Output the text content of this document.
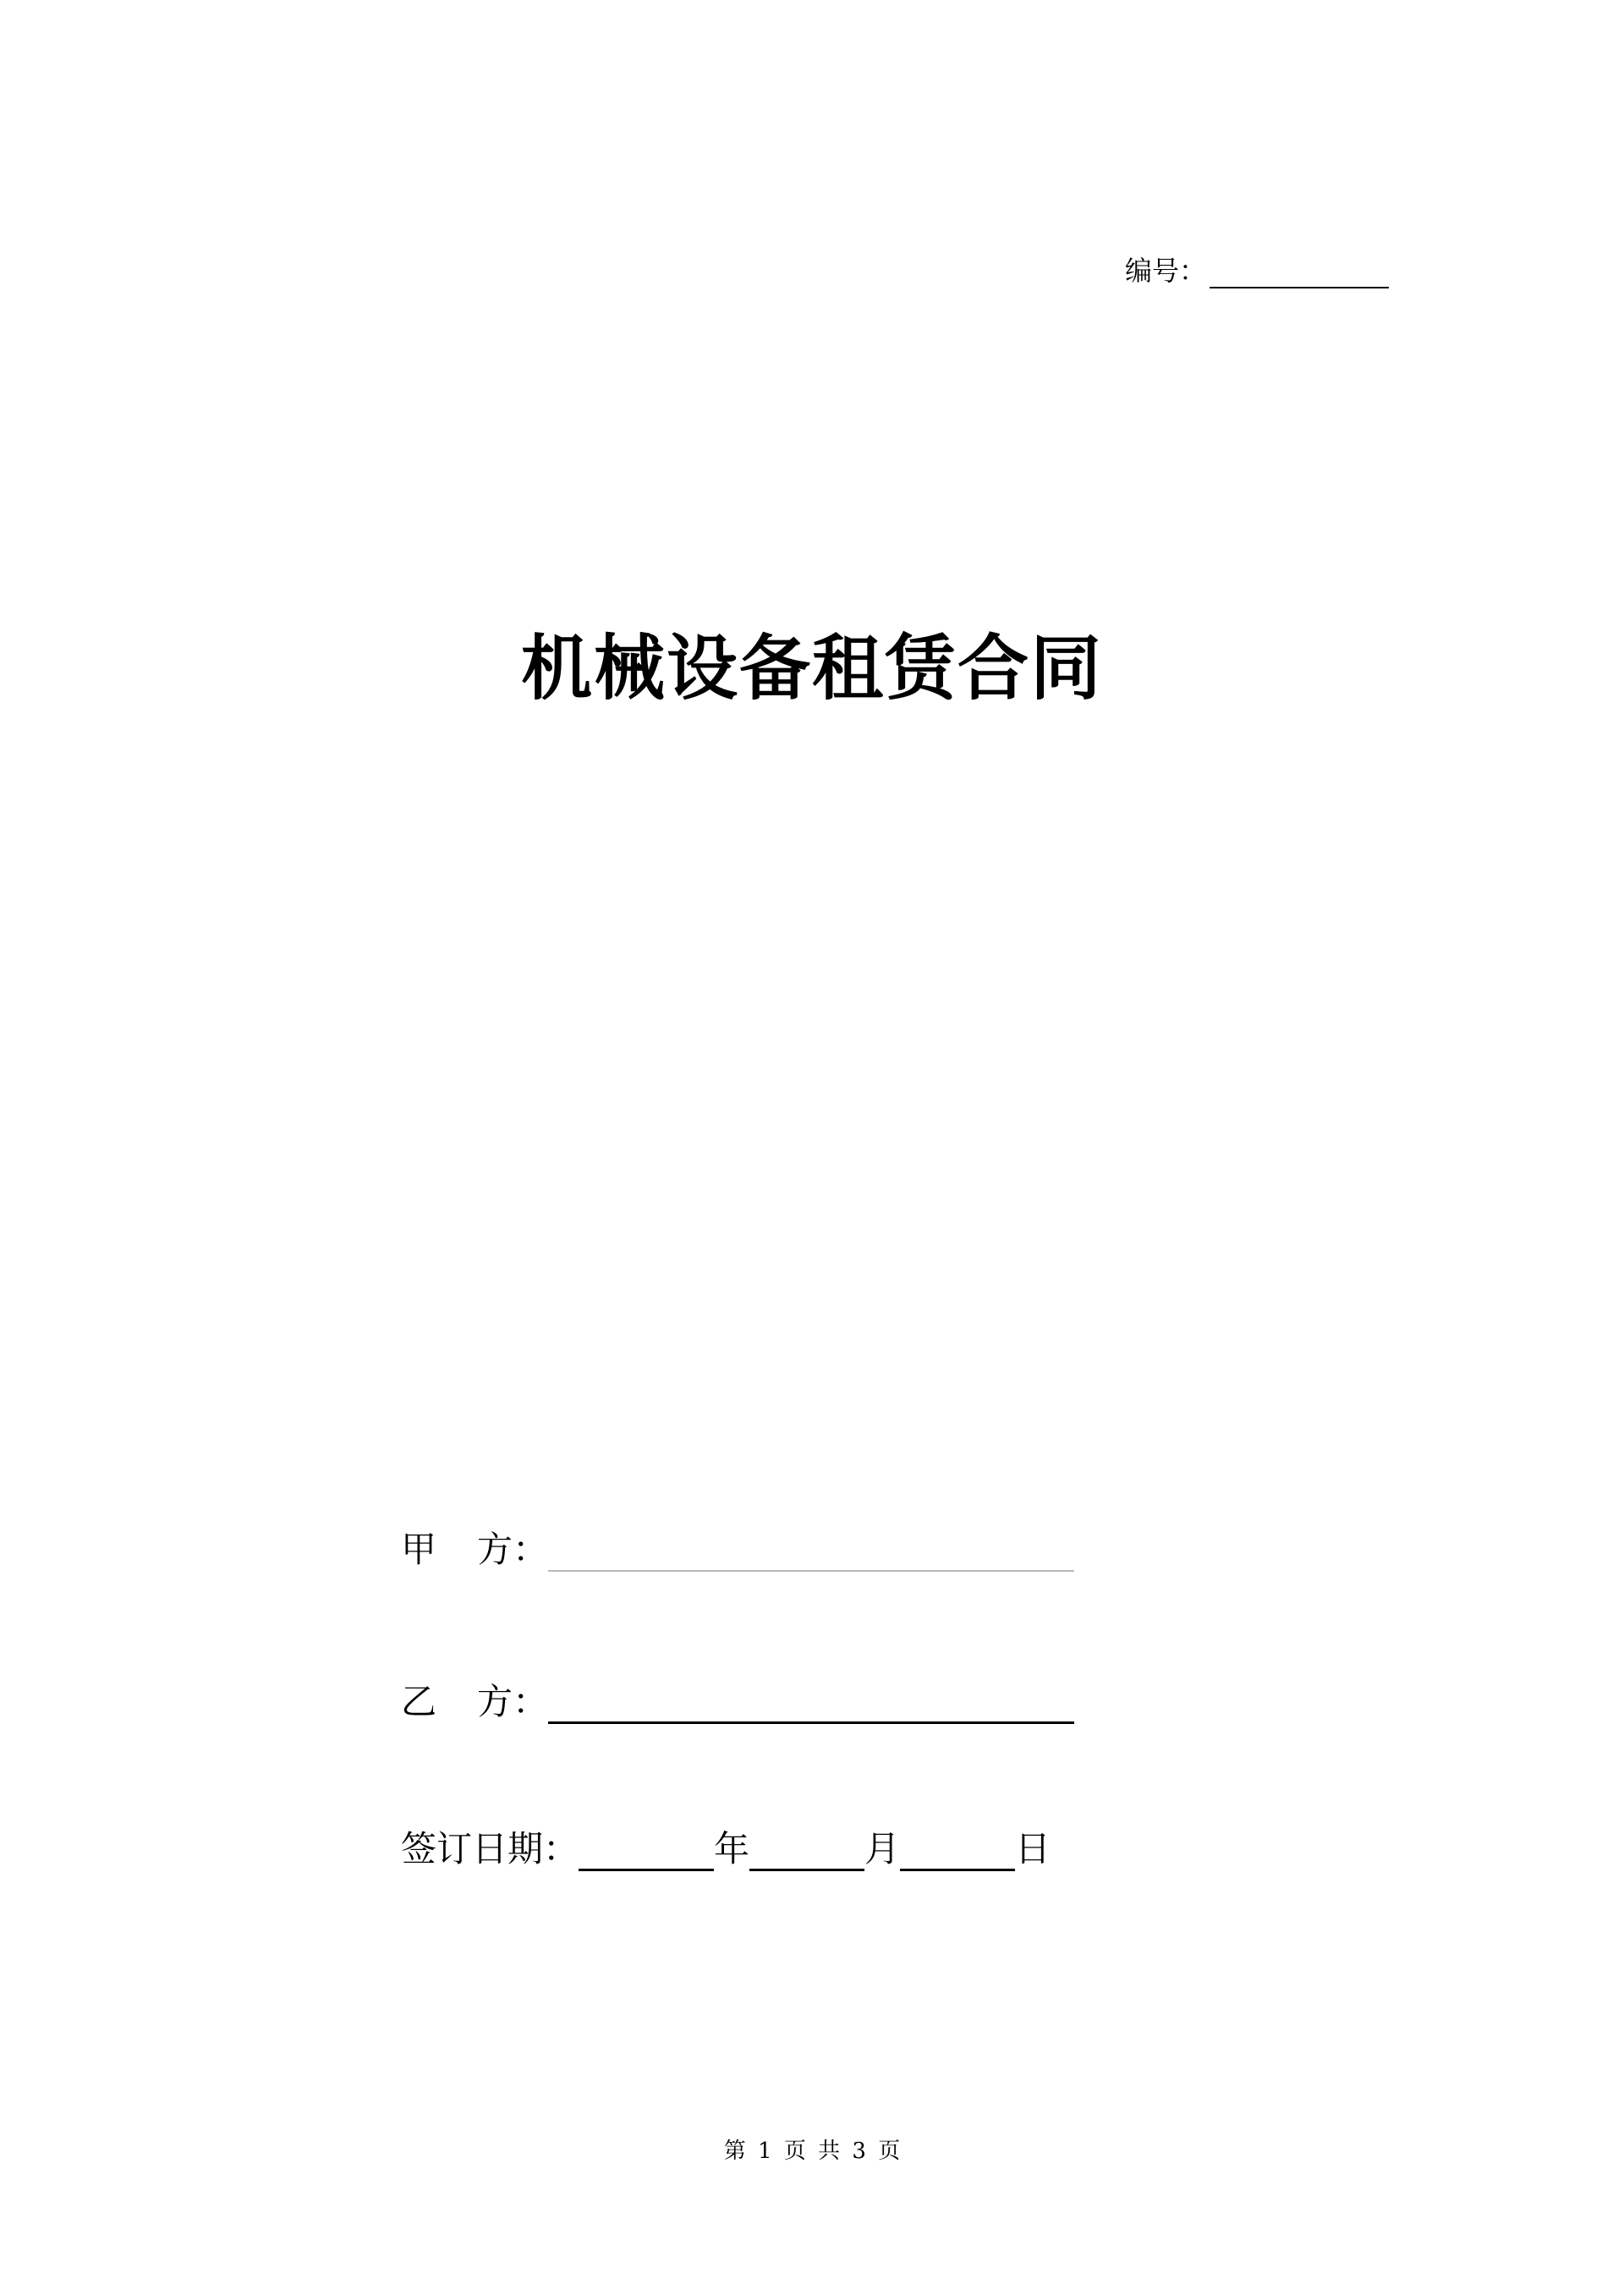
编号：
机械设备租赁合同
甲 方：
乙 方：
签订日期：	年	月	日
第 1 页 共 3 页
